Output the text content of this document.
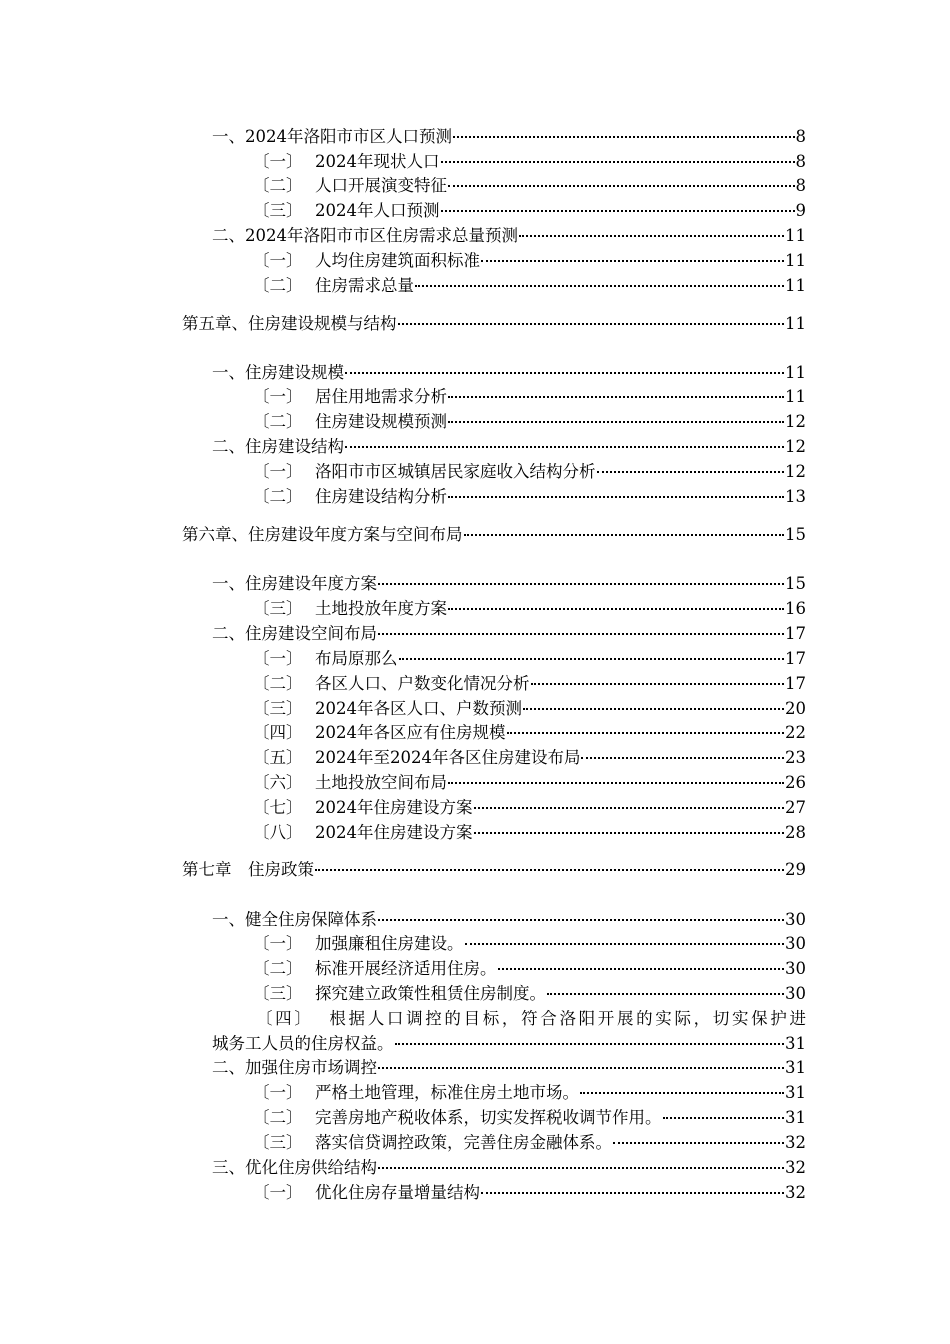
一、2024年洛阳市市区人口预测	8
〔一〕 2024年现状人口	8
〔二〕 人口开展演变特征	8
〔三〕 2024年人口预测	9
二、2024年洛阳市市区住房需求总量预测	11
〔一〕 人均住房建筑面积标准	11
〔二〕 住房需求总量	11
第五章、住房建设规模与结构	11
一、住房建设规模	11
〔一〕 居住用地需求分析	11
〔二〕 住房建设规模预测	12
二、住房建设结构	12
〔一〕 洛阳市市区城镇居民家庭收入结构分析	12
〔二〕 住房建设结构分析	13
第六章、住房建设年度方案与空间布局	15
一、住房建设年度方案	15
〔三〕 土地投放年度方案	16
二、住房建设空间布局	17
〔一〕 布局原那么	17
〔二〕 各区人口、户数变化情况分析	17
〔三〕 2024年各区人口、户数预测	20
〔四〕 2024年各区应有住房规模	22
〔五〕 2024年至2024年各区住房建设布局	23
〔六〕 土地投放空间布局	26
〔七〕 2024年住房建设方案	27
〔八〕 2024年住房建设方案	28
第七章　住房政策	29
一、健全住房保障体系	30
〔一〕 加强廉租住房建设。	30
〔二〕 标准开展经济适用住房。	30
〔三〕 探究建立政策性租赁住房制度。	30
〔四〕 根据人口调控的目标，符合洛阳开展的实际，切实保护进
城务工人员的住房权益。	31
二、加强住房市场调控	31
〔一〕 严格土地管理，标准住房土地市场。	31
〔二〕 完善房地产税收体系，切实发挥税收调节作用。	31
〔三〕 落实信贷调控政策，完善住房金融体系。	32
三、优化住房供给结构	32
〔一〕 优化住房存量增量结构	32
